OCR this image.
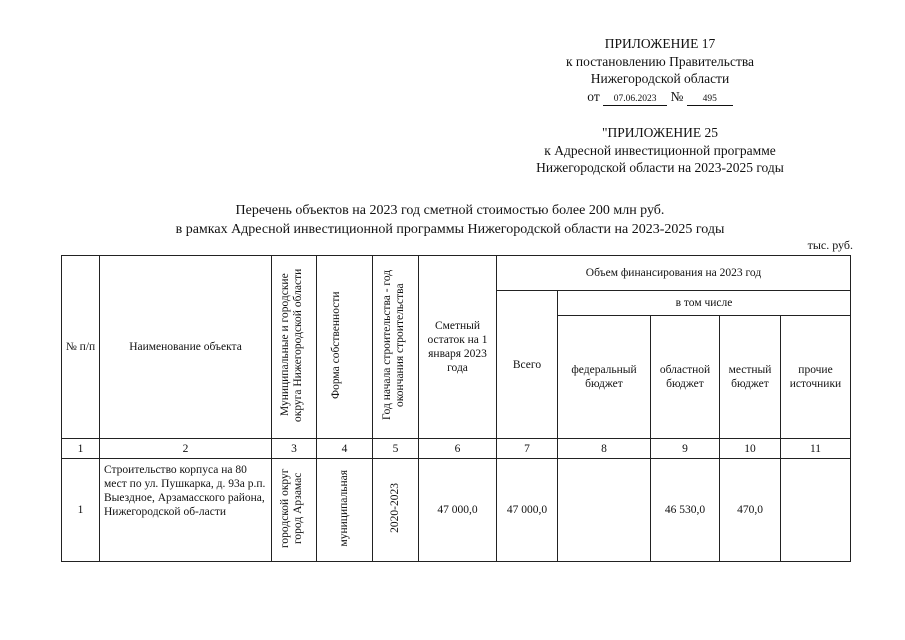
ПРИЛОЖЕНИЕ 17
к постановлению Правительства
Нижегородской области
от 07.06.2023 № 495
"ПРИЛОЖЕНИЕ 25
к Адресной инвестиционной программе
Нижегородской области на 2023-2025 годы
Перечень объектов на 2023 год сметной стоимостью более 200 млн руб.
в рамках Адресной инвестиционной программы Нижегородской области на 2023-2025 годы
тыс. руб.
№ п/п	Наименование объекта	Муниципальные и городские округа Нижегородской области	Форма собственности	Год начала строительства - год окончания строительства	Сметный остаток на 1 января 2023 года	Объем финансирования на 2023 год				
						Всего	в том числе			
							федеральный бюджет	областной бюджет	местный бюджет	прочие источники
1	2	3	4	5	6	7	8	9	10	11
1	Строительство корпуса на 80 мест по ул. Пушкарка, д. 93а р.п. Выездное, Арзамасского района, Нижегородской об-ласти	городской округ город Арзамас	муниципальная	2020-2023	47 000,0	47 000,0		46 530,0	470,0	
